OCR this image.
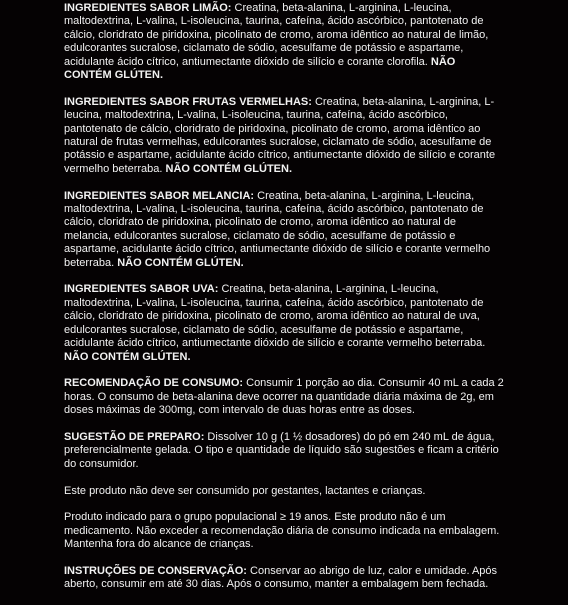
INGREDIENTES SABOR LIMÃO: Creatina, beta-alanina, L-arginina, L-leucina, maltodextrina, L-valina, L-isoleucina, taurina, cafeína, ácido ascórbico, pantotenato de cálcio, cloridrato de piridoxina, picolinato de cromo, aroma idêntico ao natural de limão, edulcorantes sucralose, ciclamato de sódio, acesulfame de potássio e aspartame, acidulante ácido cítrico, antiumectante dióxido de silício e corante clorofila. NÃO CONTÉM GLÚTEN.

INGREDIENTES SABOR FRUTAS VERMELHAS: Creatina, beta-alanina, L-arginina, L-leucina, maltodextrina, L-valina, L-isoleucina, taurina, cafeína, ácido ascórbico, pantotenato de cálcio, cloridrato de piridoxina, picolinato de cromo, aroma idêntico ao natural de frutas vermelhas, edulcorantes sucralose, ciclamato de sódio, acesulfame de potássio e aspartame, acidulante ácido cítrico, antiumectante dióxido de silício e corante vermelho beterraba. NÃO CONTÉM GLÚTEN.

INGREDIENTES SABOR MELANCIA: Creatina, beta-alanina, L-arginina, L-leucina, maltodextrina, L-valina, L-isoleucina, taurina, cafeína, ácido ascórbico, pantotenato de cálcio, cloridrato de piridoxina, picolinato de cromo, aroma idêntico ao natural de melancia, edulcorantes sucralose, ciclamato de sódio, acesulfame de potássio e aspartame, acidulante ácido cítrico, antiumectante dióxido de silício e corante vermelho beterraba. NÃO CONTÉM GLÚTEN.

INGREDIENTES SABOR UVA: Creatina, beta-alanina, L-arginina, L-leucina, maltodextrina, L-valina, L-isoleucina, taurina, cafeína, ácido ascórbico, pantotenato de cálcio, cloridrato de piridoxina, picolinato de cromo, aroma idêntico ao natural de uva, edulcorantes sucralose, ciclamato de sódio, acesulfame de potássio e aspartame, acidulante ácido cítrico, antiumectante dióxido de silício e corante vermelho beterraba. NÃO CONTÉM GLÚTEN.

RECOMENDAÇÃO DE CONSUMO: Consumir 1 porção ao dia. Consumir 40 mL a cada 2 horas. O consumo de beta-alanina deve ocorrer na quantidade diária máxima de 2g, em doses máximas de 300mg, com intervalo de duas horas entre as doses.

SUGESTÃO DE PREPARO: Dissolver 10 g (1 ½ dosadores) do pó em 240 mL de água, preferencialmente gelada. O tipo e quantidade de líquido são sugestões e ficam a critério do consumidor.

Este produto não deve ser consumido por gestantes, lactantes e crianças.

Produto indicado para o grupo populacional ≥ 19 anos. Este produto não é um medicamento. Não exceder a recomendação diária de consumo indicada na embalagem. Mantenha fora do alcance de crianças.

INSTRUÇÕES DE CONSERVAÇÃO: Conservar ao abrigo de luz, calor e umidade. Após aberto, consumir em até 30 dias. Após o consumo, manter a embalagem bem fechada.
